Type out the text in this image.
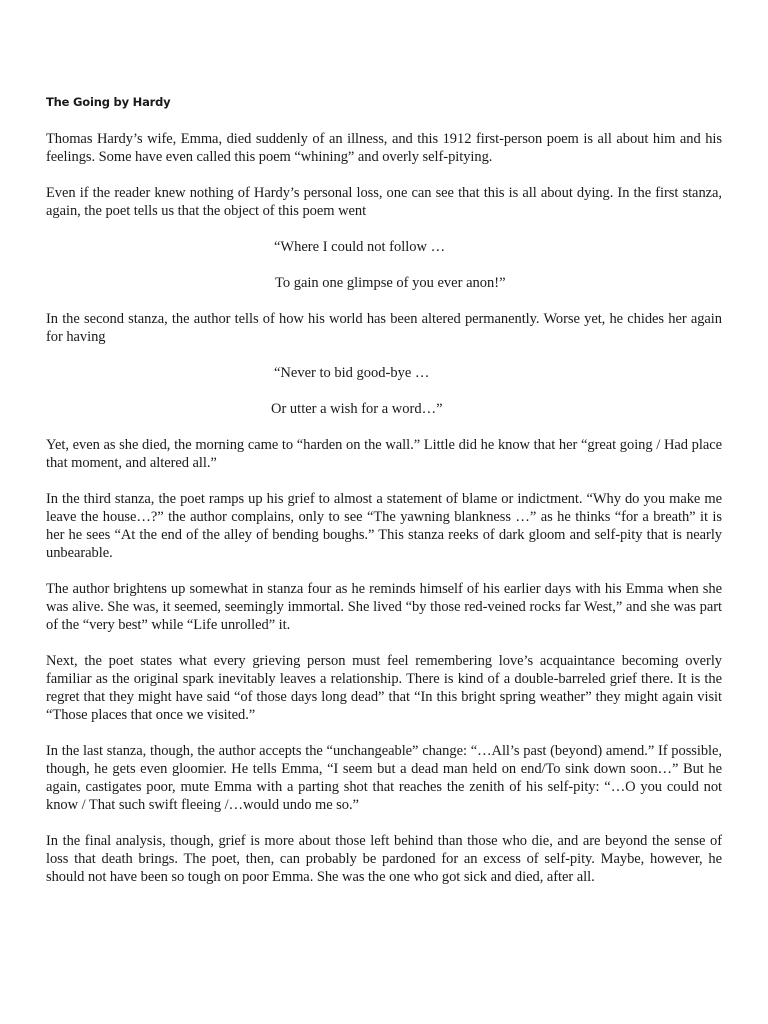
The Going by Hardy

Thomas Hardy’s wife, Emma, died suddenly of an illness, and this 1912 first-person poem is all about him and his feelings. Some have even called this poem “whining” and overly self-pitying.

Even if the reader knew nothing of Hardy’s personal loss, one can see that this is all about dying. In the first stanza, again, the poet tells us that the object of this poem went

“Where I could not follow …
To gain one glimpse of you ever anon!”

In the second stanza, the author tells of how his world has been altered permanently. Worse yet, he chides her again for having

“Never to bid good-bye …
Or utter a wish for a word…”

Yet, even as she died, the morning came to “harden on the wall.” Little did he know that her “great going / Had place that moment, and altered all.”

In the third stanza, the poet ramps up his grief to almost a statement of blame or indictment. “Why do you make me leave the house…?” the author complains, only to see “The yawning blankness …” as he thinks “for a breath” it is her he sees “At the end of the alley of bending boughs.” This stanza reeks of dark gloom and self-pity that is nearly unbearable.

The author brightens up somewhat in stanza four as he reminds himself of his earlier days with his Emma when she was alive. She was, it seemed, seemingly immortal. She lived “by those red-veined rocks far West,” and she was part of the “very best” while “Life unrolled” it.

Next, the poet states what every grieving person must feel remembering love’s acquaintance becoming overly familiar as the original spark inevitably leaves a relationship. There is kind of a double-barreled grief there. It is the regret that they might have said “of those days long dead” that “In this bright spring weather” they might again visit “Those places that once we visited.”

In the last stanza, though, the author accepts the “unchangeable” change: “…All’s past (beyond) amend.” If possible, though, he gets even gloomier. He tells Emma, “I seem but a dead man held on end/To sink down soon…” But he again, castigates poor, mute Emma with a parting shot that reaches the zenith of his self-pity: “…O you could not know / That such swift fleeing /…would undo me so.”

In the final analysis, though, grief is more about those left behind than those who die, and are beyond the sense of loss that death brings. The poet, then, can probably be pardoned for an excess of self-pity. Maybe, however, he should not have been so tough on poor Emma. She was the one who got sick and died, after all.
